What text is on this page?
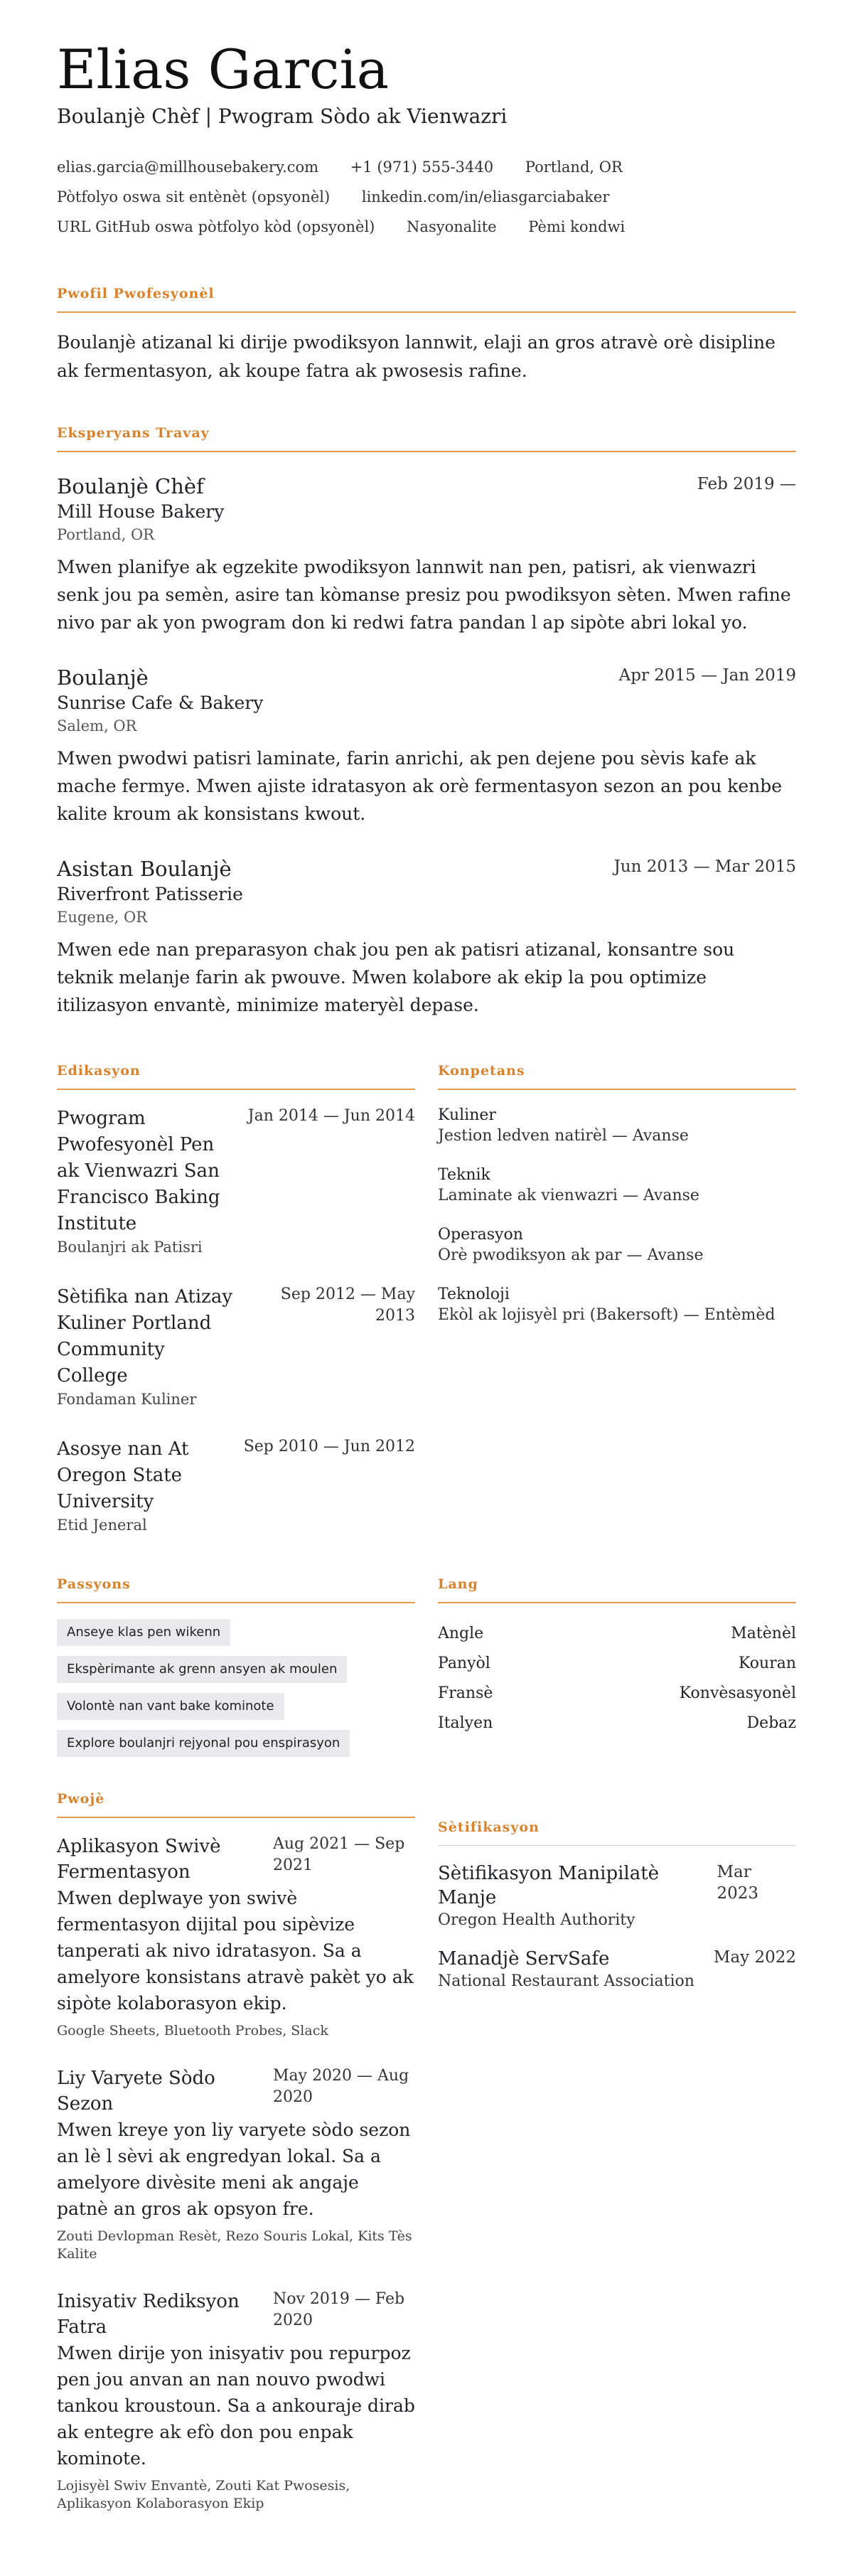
Elias Garcia
Boulanjè Chèf | Pwogram Sòdo ak Vienwazri
elias.garcia@millhousebakery.com +1 (971) 555-3440 Portland, OR
Pòtfolyo oswa sit entènèt (opsyonèl) linkedin.com/in/eliasgarciabaker
URL GitHub oswa pòtfolyo kòd (opsyonèl) Nasyonalite Pèmi kondwi
Pwofil Pwofesyonèl
Boulanjè atizanal ki dirije pwodiksyon lannwit, elaji an gros atravè orè disipline ak fermentasyon, ak koupe fatra ak pwosesis rafine.
Eksperyans Travay
Boulanjè Chèf	Feb 2019 —
Mill House Bakery
Portland, OR
Mwen planifye ak egzekite pwodiksyon lannwit nan pen, patisri, ak vienwazri senk jou pa semèn, asire tan kòmanse presiz pou pwodiksyon sèten. Mwen rafine nivo par ak yon pwogram don ki redwi fatra pandan l ap sipòte abri lokal yo.
Boulanjè	Apr 2015 — Jan 2019
Sunrise Cafe & Bakery
Salem, OR
Mwen pwodwi patisri laminate, farin anrichi, ak pen dejene pou sèvis kafe ak mache fermye. Mwen ajiste idratasyon ak orè fermentasyon sezon an pou kenbe kalite kroum ak konsistans kwout.
Asistan Boulanjè	Jun 2013 — Mar 2015
Riverfront Patisserie
Eugene, OR
Mwen ede nan preparasyon chak jou pen ak patisri atizanal, konsantre sou teknik melanje farin ak pwouve. Mwen kolabore ak ekip la pou optimize itilizasyon envantè, minimize materyèl depase.
Edikasyon
Pwogram Pwofesyonèl Pen ak Vienwazri San Francisco Baking Institute
Jan 2014 — Jun 2014
Boulanjri ak Patisri
Sètifika nan Atizay Kuliner Portland Community College
Sep 2012 — May 2013
Fondaman Kuliner
Asosye nan At Oregon State University
Sep 2010 — Jun 2012
Etid Jeneral
Konpetans
Kuliner
Jestion ledven natirèl — Avanse
Teknik
Laminate ak vienwazri — Avanse
Operasyon
Orè pwodiksyon ak par — Avanse
Teknoloji
Ekòl ak lojisyèl pri (Bakersoft) — Entèmèd
Passyons
Anseye klas pen wikenn
Ekspèrimante ak grenn ansyen ak moulen
Volontè nan vant bake kominote
Explore boulanjri rejyonal pou enspirasyon
Lang
Angle	Matènèl
Panyòl	Kouran
Fransè	Konvèsasyonèl
Italyen	Debaz
Pwojè
Aplikasyon Swivè Fermentasyon
Aug 2021 — Sep 2021
Mwen deplwaye yon swivè fermentasyon dijital pou sipèvize tanperati ak nivo idratasyon. Sa a amelyore konsistans atravè pakèt yo ak sipòte kolaborasyon ekip.
Google Sheets, Bluetooth Probes, Slack
Liy Varyete Sòdo Sezon
May 2020 — Aug 2020
Mwen kreye yon liy varyete sòdo sezon an lè l sèvi ak engredyan lokal. Sa a amelyore divèsite meni ak angaje patnè an gros ak opsyon fre.
Zouti Devlopman Resèt, Rezo Souris Lokal, Kits Tès Kalite
Inisyativ Rediksyon Fatra
Nov 2019 — Feb 2020
Mwen dirije yon inisyativ pou repurpoz pen jou anvan an nan nouvo pwodwi tankou kroustoun. Sa a ankouraje dirab ak entegre ak efò don pou enpak kominote.
Lojisyèl Swiv Envantè, Zouti Kat Pwosesis, Aplikasyon Kolaborasyon Ekip
Sètifikasyon
Sètifikasyon Manipilatè Manje
Mar 2023
Oregon Health Authority
Manadjè ServSafe	May 2022
National Restaurant Association
